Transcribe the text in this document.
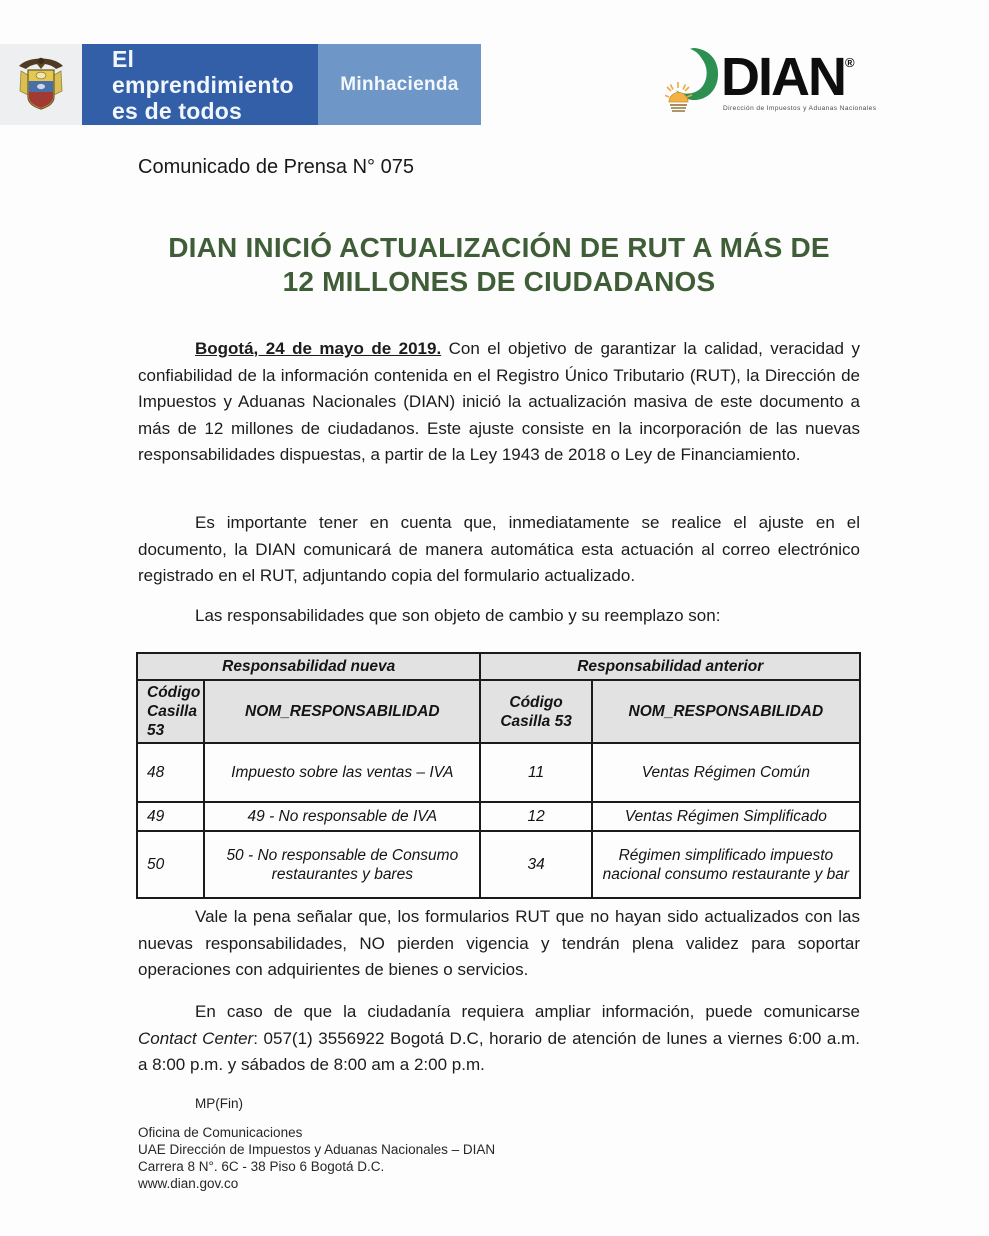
El emprendimiento
es de todos
Minhacienda	DIAN®
Dirección de Impuestos y Aduanas Nacionales
Comunicado de Prensa N° 075
DIAN INICIÓ ACTUALIZACIÓN DE RUT A MÁS DE
12 MILLONES DE CIUDADANOS
Bogotá, 24 de mayo de 2019. Con el objetivo de garantizar la calidad, veracidad y confiabilidad de la información contenida en el Registro Único Tributario (RUT), la Dirección de Impuestos y Aduanas Nacionales (DIAN) inició la actualización masiva de este documento a más de 12 millones de ciudadanos. Este ajuste consiste en la incorporación de las nuevas responsabilidades dispuestas, a partir de la Ley 1943 de 2018 o Ley de Financiamiento.
Es importante tener en cuenta que, inmediatamente se realice el ajuste en el documento, la DIAN comunicará de manera automática esta actuación al correo electrónico registrado en el RUT, adjuntando copia del formulario actualizado.
Las responsabilidades que son objeto de cambio y su reemplazo son:
Responsabilidad nueva		Responsabilidad anterior	
Código Casilla 53	NOM_RESPONSABILIDAD	Código Casilla 53	NOM_RESPONSABILIDAD
48	Impuesto sobre las ventas – IVA	11	Ventas Régimen Común
49	49 - No responsable de IVA	12	Ventas Régimen Simplificado
50	50 - No responsable de Consumo restaurantes y bares	34	Régimen simplificado impuesto nacional consumo restaurante y bar
Vale la pena señalar que, los formularios RUT que no hayan sido actualizados con las nuevas responsabilidades, NO pierden vigencia y tendrán plena validez para soportar operaciones con adquirientes de bienes o servicios.
En caso de que la ciudadanía requiera ampliar información, puede comunicarse Contact Center: 057(1) 3556922 Bogotá D.C, horario de atención de lunes a viernes 6:00 a.m. a 8:00 p.m. y sábados de 8:00 am a 2:00 p.m.
MP(Fin)
Oficina de Comunicaciones
UAE Dirección de Impuestos y Aduanas Nacionales – DIAN
Carrera 8 N°. 6C - 38 Piso 6 Bogotá D.C.
www.dian.gov.co
